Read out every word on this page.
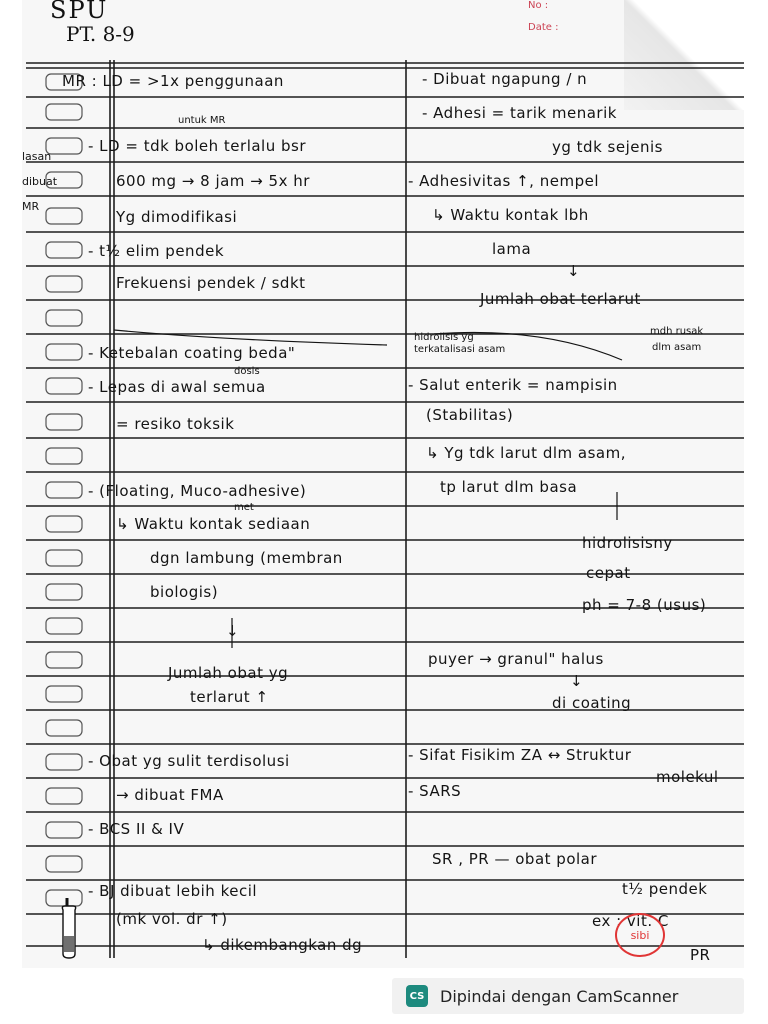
SPU
PT. 8-9
No :
Date :
lasan
dibuat
MR
MR : LD = >1x penggunaan
untuk MR
- LD = tdk boleh terlalu bsr
600 mg → 8 jam → 5x hr
Yg dimodifikasi
- t½ elim pendek
Frekuensi pendek / sdkt
- Ketebalan coating beda"
dosis
- Lepas di awal semua
= resiko toksik
- (Floating, Muco-adhesive)
met
↳ Waktu kontak sediaan
dgn lambung (membran
biologis)
↓
Jumlah obat yg
terlarut ↑
- Obat yg sulit terdisolusi
→ dibuat FMA
- BCS II & IV
- BJ dibuat lebih kecil
(mk vol. dr ↑)
↳ dikembangkan dg
- Dibuat ngapung / n
- Adhesi = tarik menarik
yg tdk sejenis
- Adhesivitas ↑, nempel
↳ Waktu kontak lbh
lama
↓
Jumlah obat terlarut
hidrolisis yg
terkatalisasi asam
mdh rusak
dlm asam
- Salut enterik = nampisin
(Stabilitas)
↳ Yg tdk larut dlm asam,
tp larut dlm basa
hidrolisisny
cepat
ph = 7-8 (usus)
puyer → granul" halus
↓
di coating
- Sifat Fisikim ZA ↔ Struktur
molekul
- SARS
SR , PR — obat polar
t½ pendek
ex : vit. C
PR
sibi
CS Dipindai dengan CamScanner
